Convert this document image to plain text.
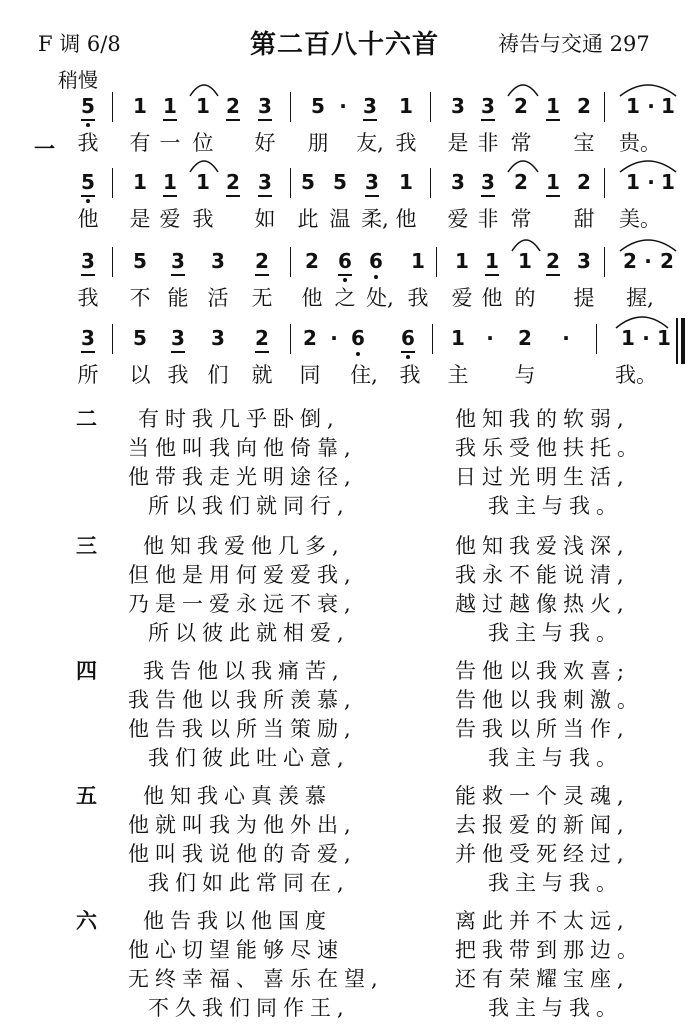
F 调 6/8	第二百八十六首	祷告与交通 297
稍慢
5 1 1 1 2 3 5 · 3 1 3 3 2 1 2 1 · 1
我 有 一 位 好 朋 友, 我 是 非 常 宝 贵。
5 1 1 1 2 3 5 5 3 1 3 3 2 1 2 1 · 1
他 是 爱 我 如 此 温 柔, 他 爱 非 常 甜 美。
3 5 3 3 2 2 6 6 1 1 1 1 2 3 2 · 2
我 不 能 活 无 他 之 处, 我 爱 他 的 提 握,
3 5 3 3 2 2 · 6 6 1 · 2 ·	1 · 1
所 以 我 们 就 同 住, 我 主 与	我。
一
二 有时我几乎卧倒,	他知我的软弱,
当他叫我向他倚靠,	我乐受他扶托。
他带我走光明途径,	日过光明生活,
所以我们就同行,	我主与我。
三 他知我爱他几多,	他知我爱浅深,
但他是用何爱爱我,	我永不能说清,
乃是一爱永远不衰,	越过越像热火,
所以彼此就相爱,	我主与我。
四 我告他以我痛苦,	告他以我欢喜;
我告他以我所羡慕,	告他以我刺激。
他告我以所当策励,	告我以所当作,
我们彼此吐心意,	我主与我。
五 他知我心真羡慕	能救一个灵魂,
他就叫我为他外出,	去报爱的新闻,
他叫我说他的奇爱,	并他受死经过,
我们如此常同在,	我主与我。
六 他告我以他国度	离此并不太远,
他心切望能够尽速	把我带到那边。
无终幸福、喜乐在望,	还有荣耀宝座,
不久我们同作王,	我主与我。
